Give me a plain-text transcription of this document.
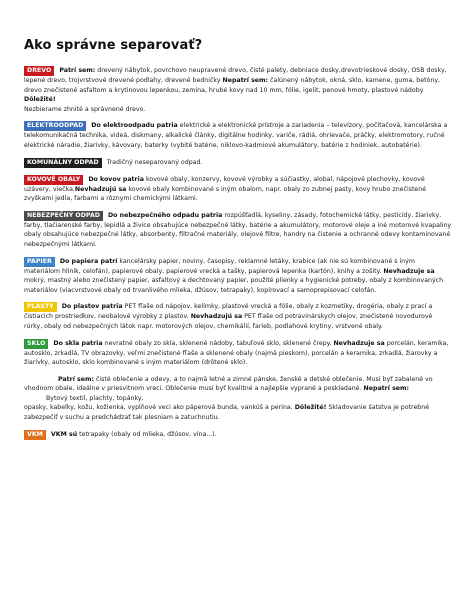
Ako správne separovať?

DREVO Patrí sem: drevený nábytok, povrchovo neupravené drevo, čisté palety, debniace dosky,drevotrieskové dosky, OSB dosky, lepené drevo, trojvrstvové drevené podlahy, drevené bedničky Nepatrí sem: čalúnený nábytok, okná, sklo, kamene, guma, betóny, drevo znečistené asfaltom a krytinovou lepenkou, zemina, hrubé kovy nad 10 mm, fólie, igelit, penové hmoty, plastové nádoby Dôležité!
Nezbierame zhnité a správnené drevo.

ELEKTROODPAD Do elektroodpadu patria elektrické a elektronické prístroje a zariadenia – televízory, počítačová, kancelárska a telekomunikačná technika, videá, diskmany, alkalické články, digitálne hodinky, variče, rádiá, ohrievače, práčky, elektromotory, ručné elektrické náradie, žiarivky, kávovary, baterky (vybité batérie, niklovo-kadmiové akumulátory, batérie z hodiniek, autobatérie).

KOMUNÁLNY ODPAD Tradičný neseparovaný odpad.

KOVOVÉ OBALY Do kovov patria kovové obaly, konzervy, kovové výrobky a súčiastky, alobal, nápojové plechovky, kovové uzávery, viečka.Nevhadzujú sa kovové obaly kombinované s iným obalom, napr. obaly zo zubnej pasty, kovy hrubo znečistené zvyškami jedla, farbami a rôznymi chemickými látkami.

NEBEZPEČNÝ ODPAD Do nebezpečného odpadu patria rozpúšťadlá, kyseliny, zásady, fotochemické látky, pesticídy, žiarivky, farby, tlačiarenské farby, lepidlá a živice obsahujúce nebezpečné látky, batérie a akumulátory, motorové oleje a iné motorové kvapaliny obaly obsahujúce nebezpečné látky, absorbenty, filtračné materiály, olejové filtre, handry na čistenie a ochranné odevy kontaminované nebezpečnými látkami.

PAPIER Do papiera patrí kancelársky papier, noviny, časopisy, reklamné letáky, krabice (ak nie sú kombinované s iným materiálom hliník, celofán), papierové obaly, papierové vrecká a tašky, papierová lepenka (kartón), knihy a zošity. Nevhadzuje sa mokrý, mastný alebo znečistený papier, asfaltový a dechtovaný papier, použité plienky a hygienické potreby, obaly z kombinovaných materiálov (viacvrstvové obaly od trvanlivého mlieka, džúsov, tetrapaky), kopírovací a samoprepisovací celofán.

PLASTY Do plastov patria PET fľaše od nápojov, kelímky, plastové vrecká a fólie, obaly z kozmetiky, drogéria, obaly z prací a čistiacich prostriedkov, neobalové výrobky z plastov. Nevhadzujú sa PET fľaše od potravinárskych olejov, znečistené novodurové rúrky, obaly od nebezpečných látok napr. motorových olejov, chemikálií, farieb, podlahové krytiny, vrstvené obaly.

SKLO Do skla patria nevratné obaly zo skla, sklenené nádoby, tabuľové sklo, sklenené črepy. Nevhadzuje sa porcelán, keramika, autosklo, zrkadlá, TV obrazovky, veľmi znečistené fľaše a sklenené obaly (najmä pieskom), porcelán a keramika, zrkadlá, žiarovky a žiarivky, autosklo, sklo kombinované s iným materiálom (drôtené sklo).

Patrí sem: čisté oblečenie a odevy, a to najmä letné a zimné pánske, ženské a detské oblečenie. Musí byť zabalené vo vhodnom obale, ideálne v priesvitnom vreci. Oblečenie musí byť kvalitné a najlepšie vyprané a poskladané. Nepatrí sem:
Bytový textil, plachty, topánky,
opasky, kabelky, kožu, kožienka, vypĺňové veci ako páperová bunda, vankúš a perina. Dôležité! Skladovanie šatstva je potrebné zabezpečiť v suchu a predchádzať tak plesniam a zatuchnutiu.

VKM VKM sú tetrapaky (obaly od mlieka, džúsov, vína...).
